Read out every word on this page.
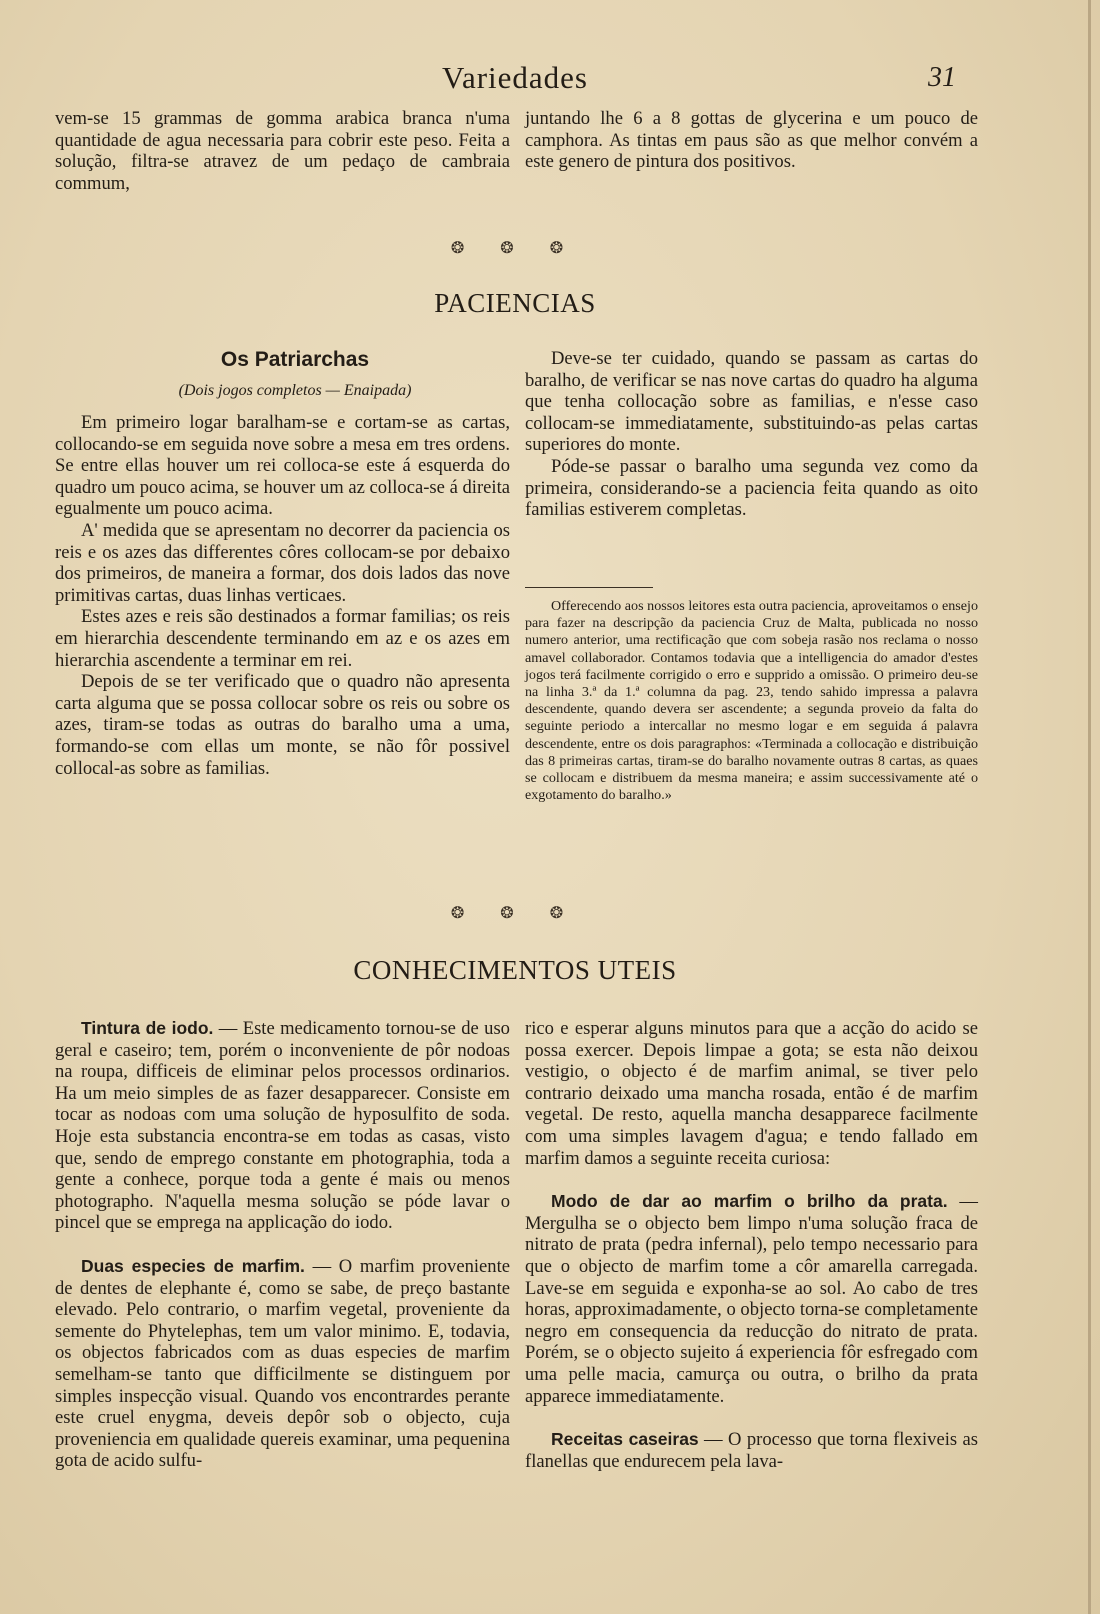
Variedades	31

vem-se 15 grammas de gomma arabica branca n'uma quantidade de agua necessaria para cobrir este peso. Feita a solução, filtra-se atravez de um pedaço de cambraia commum,

juntando lhe 6 a 8 gottas de glycerina e um pouco de camphora. As tintas em paus são as que melhor convém a este genero de pintura dos positivos.

❂ ❂ ❂
PACIENCIAS
Os Patriarchas
(Dois jogos completos — Enaipada)

Em primeiro logar baralham-se e cortam-se as cartas, collocando-se em seguida nove sobre a mesa em tres ordens. Se entre ellas houver um rei colloca-se este á esquerda do quadro um pouco acima, se houver um az colloca-se á direita egualmente um pouco acima.

A' medida que se apresentam no decorrer da paciencia os reis e os azes das differentes côres collocam-se por debaixo dos primeiros, de maneira a formar, dos dois lados das nove primitivas cartas, duas linhas verticaes.

Estes azes e reis são destinados a formar familias; os reis em hierarchia descendente terminando em az e os azes em hierarchia ascendente a terminar em rei.

Depois de se ter verificado que o quadro não apresenta carta alguma que se possa collocar sobre os reis ou sobre os azes, tiram-se todas as outras do baralho uma a uma, formando-se com ellas um monte, se não fôr possivel collocal-as sobre as familias.

Deve-se ter cuidado, quando se passam as cartas do baralho, de verificar se nas nove cartas do quadro ha alguma que tenha collocação sobre as familias, e n'esse caso collocam-se immediatamente, substituindo-as pelas cartas superiores do monte.

Póde-se passar o baralho uma segunda vez como da primeira, considerando-se a paciencia feita quando as oito familias estiverem completas.

Offerecendo aos nossos leitores esta outra paciencia, aproveitamos o ensejo para fazer na descripção da paciencia Cruz de Malta, publicada no nosso numero anterior, uma rectificação que com sobeja rasão nos reclama o nosso amavel collaborador. Contamos todavia que a intelligencia do amador d'estes jogos terá facilmente corrigido o erro e supprido a omissão. O primeiro deu-se na linha 3.ª da 1.ª columna da pag. 23, tendo sahido impressa a palavra descendente, quando devera ser ascendente; a segunda proveio da falta do seguinte periodo a intercallar no mesmo logar e em seguida á palavra descendente, entre os dois paragraphos: «Terminada a collocação e distribuição das 8 primeiras cartas, tiram-se do baralho novamente outras 8 cartas, as quaes se collocam e distribuem da mesma maneira; e assim successivamente até o exgotamento do baralho.»

❂ ❂ ❂
CONHECIMENTOS UTEIS

Tintura de iodo. — Este medicamento tornou-se de uso geral e caseiro; tem, porém o inconveniente de pôr nodoas na roupa, difficeis de eliminar pelos processos ordinarios. Ha um meio simples de as fazer desapparecer. Consiste em tocar as nodoas com uma solução de hyposulfito de soda. Hoje esta substancia encontra-se em todas as casas, visto que, sendo de emprego constante em photographia, toda a gente a conhece, porque toda a gente é mais ou menos photographo. N'aquella mesma solução se póde lavar o pincel que se emprega na applicação do iodo.

Duas especies de marfim. — O marfim proveniente de dentes de elephante é, como se sabe, de preço bastante elevado. Pelo contrario, o marfim vegetal, proveniente da semente do Phytelephas, tem um valor minimo. E, todavia, os objectos fabricados com as duas especies de marfim semelham-se tanto que difficilmente se distinguem por simples inspecção visual. Quando vos encontrardes perante este cruel enygma, deveis depôr sob o objecto, cuja proveniencia em qualidade quereis examinar, uma pequenina gota de acido sulfu-

rico e esperar alguns minutos para que a acção do acido se possa exercer. Depois limpae a gota; se esta não deixou vestigio, o objecto é de marfim animal, se tiver pelo contrario deixado uma mancha rosada, então é de marfim vegetal. De resto, aquella mancha desapparece facilmente com uma simples lavagem d'agua; e tendo fallado em marfim damos a seguinte receita curiosa:

Modo de dar ao marfim o brilho da prata. — Mergulha se o objecto bem limpo n'uma solução fraca de nitrato de prata (pedra infernal), pelo tempo necessario para que o objecto de marfim tome a côr amarella carregada. Lave-se em seguida e exponha-se ao sol. Ao cabo de tres horas, approximadamente, o objecto torna-se completamente negro em consequencia da reducção do nitrato de prata. Porém, se o objecto sujeito á experiencia fôr esfregado com uma pelle macia, camurça ou outra, o brilho da prata apparece immediatamente.

Receitas caseiras — O processo que torna flexiveis as flanellas que endurecem pela lava-
